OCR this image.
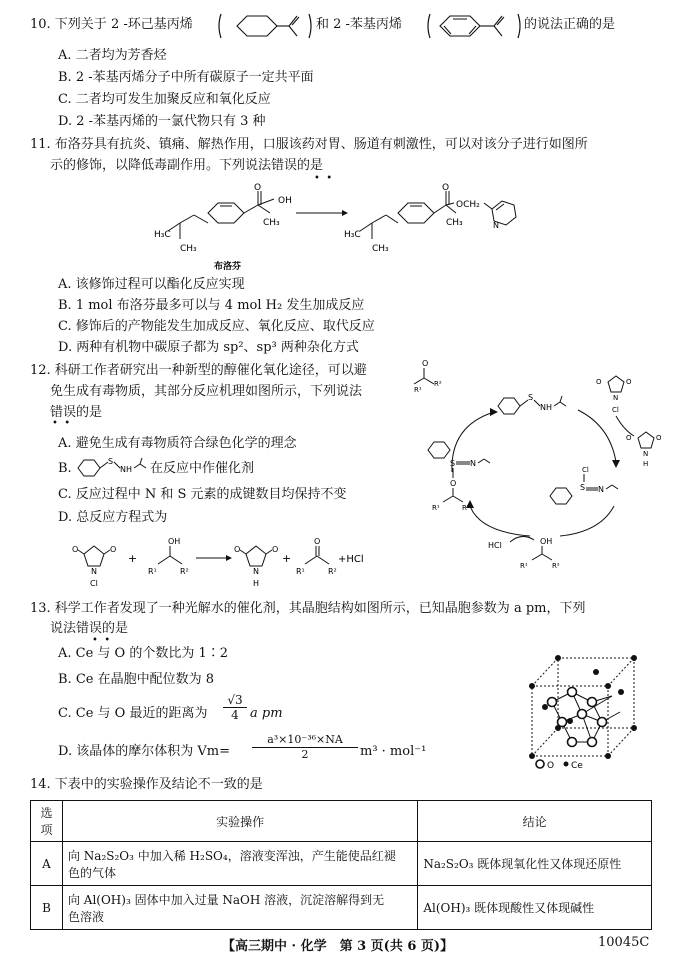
10. 下列关于 2 -环己基丙烯	和 2 -苯基丙烯	的说法正确的是
A. 二者均为芳香烃
B. 2 -苯基丙烯分子中所有碳原子一定共平面
C. 二者均可发生加聚反应和氧化反应
D. 2 -苯基丙烯的一氯代物只有 3 种
11. 布洛芬具有抗炎、镇痛、解热作用，口服该药对胃、肠道有刺激性，可以对该分子进行如图所
示的修饰，以降低毒副作用。下列说法错误的是
•  •
H₃C
CH₃
CH₃
OH
O
布洛芬
H₃C
CH₃
CH₃
O
OCH₂
N
A. 该修饰过程可以酯化反应实现
B. 1 mol 布洛芬最多可以与 4 mol H₂ 发生加成反应
C. 修饰后的产物能发生加成反应、氧化反应、取代反应
D. 两种有机物中碳原子都为 sp²、sp³ 两种杂化方式
12. 科研工作者研究出一种新型的醇催化氧化途径，可以避
免生成有毒物质，其部分反应机理如图所示，下列说法
错误的是
•  •
A. 避免生成有毒物质符合绿色化学的理念
B.	S
NH 在反应中作催化剂
C. 反应过程中 N 和 S 元素的成键数目均保持不变
D. 总反应方程式为
O	O
N
Cl
+
OH
R¹	R²
O	O
N
H
+
O
R¹	R²
+HCl
O
R¹
R²
S
NH
S N
O
R¹	R²
O	O
N
Cl
O	O
N
H
Cl
S N
HCl	OH
R¹	R²
13. 科学工作者发现了一种光解水的催化剂，其晶胞结构如图所示，已知晶胞参数为 a pm，下列
说法错误的是
•  •
A. Ce 与 O 的个数比为 1∶2
B. Ce 在晶胞中配位数为 8
C. Ce 与 O 最近的距离为 $\frac{√3}{4}$ a pm
D. 该晶体的摩尔体积为 $Vm= \frac{\text{a³×10⁻³⁶×NA}}{2} m^3 \cdot mol^{-1}$
O Ce
14. 下表中的实验操作及结论不一致的是
选项	实验操作	结论
A	向 Na₂S₂O₃ 中加入稀 H₂SO₄，溶液变浑浊，产生能使品红褪
色的气体	Na₂S₂O₃ 既体现氧化性又体现还原性
B	向 Al(OH)₃ 固体中加入过量 NaOH 溶液，沉淀溶解得到无
色溶液	Al(OH)₃ 既体现酸性又体现碱性
【高三期中 · 化学　第 3 页(共 6 页)】	10045C
